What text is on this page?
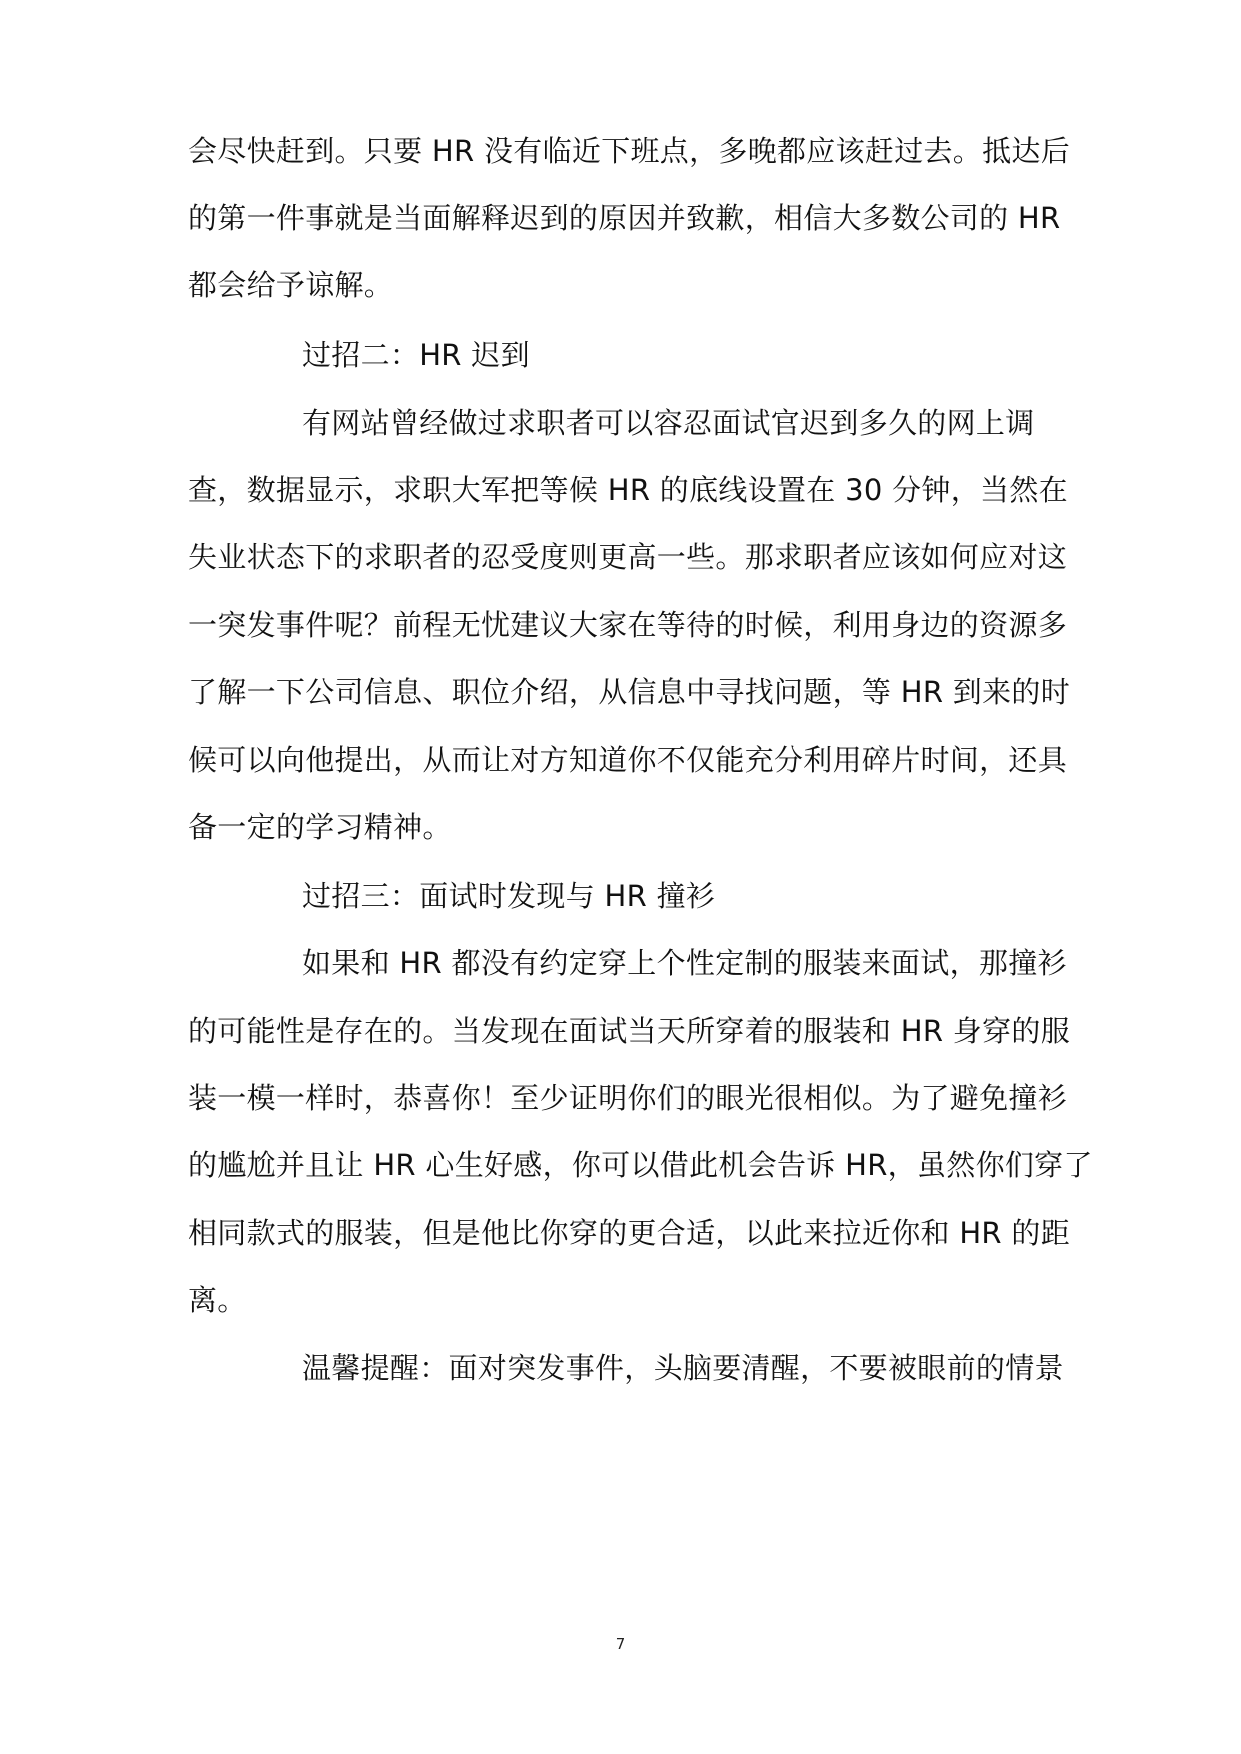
会尽快赶到。只要 HR 没有临近下班点，多晚都应该赶过去。抵达后
的第一件事就是当面解释迟到的原因并致歉，相信大多数公司的 HR
都会给予谅解。
过招二：HR 迟到
有网站曾经做过求职者可以容忍面试官迟到多久的网上调
查，数据显示，求职大军把等候 HR 的底线设置在 30 分钟，当然在
失业状态下的求职者的忍受度则更高一些。那求职者应该如何应对这
一突发事件呢？前程无忧建议大家在等待的时候，利用身边的资源多
了解一下公司信息、职位介绍，从信息中寻找问题，等 HR 到来的时
候可以向他提出，从而让对方知道你不仅能充分利用碎片时间，还具
备一定的学习精神。
过招三：面试时发现与 HR 撞衫
如果和 HR 都没有约定穿上个性定制的服装来面试，那撞衫
的可能性是存在的。当发现在面试当天所穿着的服装和 HR 身穿的服
装一模一样时，恭喜你！至少证明你们的眼光很相似。为了避免撞衫
的尴尬并且让 HR 心生好感，你可以借此机会告诉 HR，虽然你们穿了
相同款式的服装，但是他比你穿的更合适，以此来拉近你和 HR 的距
离。
温馨提醒：面对突发事件，头脑要清醒，不要被眼前的情景
7
